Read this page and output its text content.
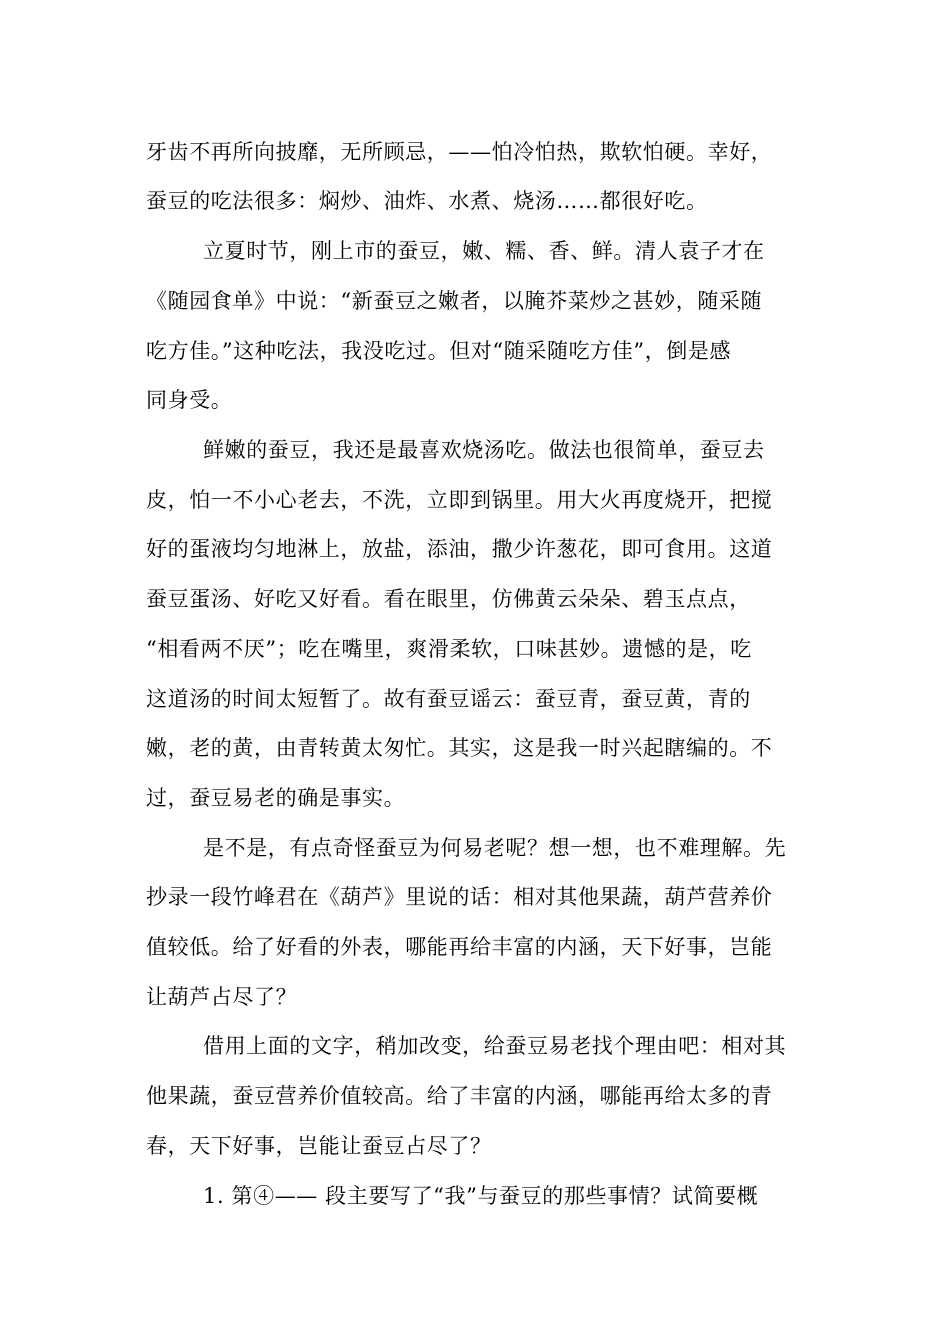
牙齿不再所向披靡，无所顾忌，——怕冷怕热，欺软怕硬。幸好，
蚕豆的吃法很多：焖炒、油炸、水煮、烧汤……都很好吃。
立夏时节，刚上市的蚕豆，嫩、糯、香、鲜。清人袁子才在
《随园食单》中说：“新蚕豆之嫩者，以腌芥菜炒之甚妙，随采随
吃方佳。”这种吃法，我没吃过。但对“随采随吃方佳”，倒是感
同身受。
鲜嫩的蚕豆，我还是最喜欢烧汤吃。做法也很简单，蚕豆去
皮，怕一不小心老去，不洗，立即到锅里。用大火再度烧开，把搅
好的蛋液均匀地淋上，放盐，添油，撒少许葱花，即可食用。这道
蚕豆蛋汤、好吃又好看。看在眼里，仿佛黄云朵朵、碧玉点点，
“相看两不厌”；吃在嘴里，爽滑柔软，口味甚妙。遗憾的是，吃
这道汤的时间太短暂了。故有蚕豆谣云：蚕豆青，蚕豆黄，青的
嫩，老的黄，由青转黄太匆忙。其实，这是我一时兴起瞎编的。不
过，蚕豆易老的确是事实。
是不是，有点奇怪蚕豆为何易老呢？想一想，也不难理解。先
抄录一段竹峰君在《葫芦》里说的话：相对其他果蔬，葫芦营养价
值较低。给了好看的外表，哪能再给丰富的内涵，天下好事，岂能
让葫芦占尽了？
借用上面的文字，稍加改变，给蚕豆易老找个理由吧：相对其
他果蔬，蚕豆营养价值较高。给了丰富的内涵，哪能再给太多的青
春，天下好事，岂能让蚕豆占尽了？
1. 第④—— 段主要写了“我”与蚕豆的那些事情？试简要概
